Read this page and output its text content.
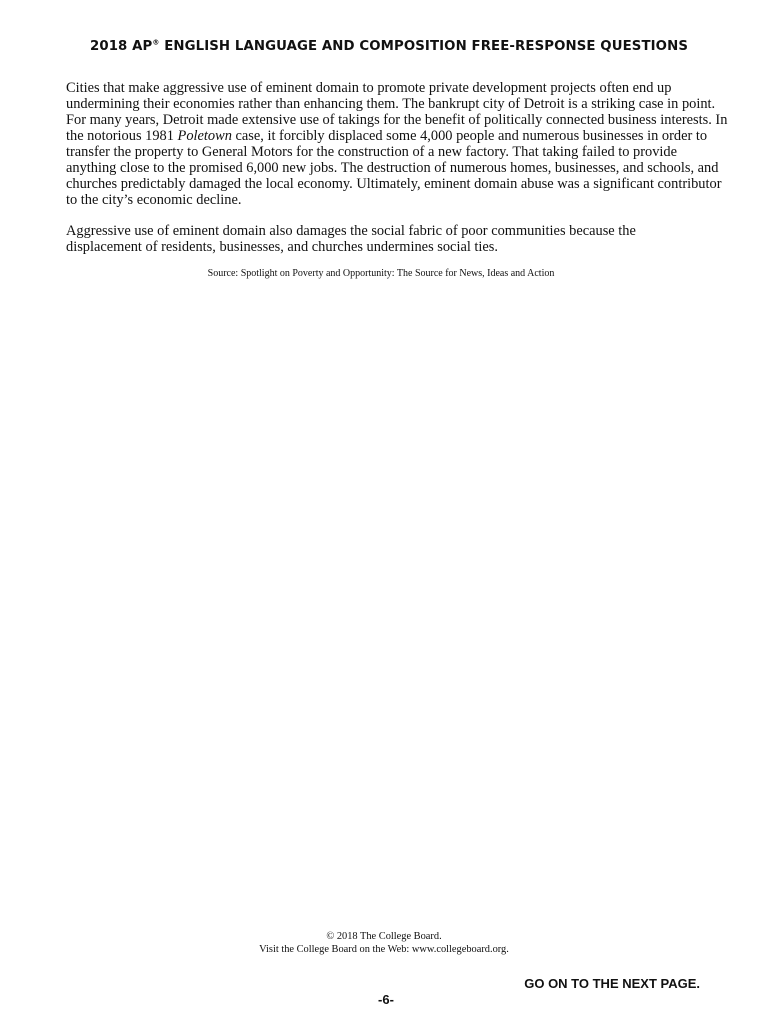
2018 AP® ENGLISH LANGUAGE AND COMPOSITION FREE-RESPONSE QUESTIONS
Cities that make aggressive use of eminent domain to promote private development projects often end up
undermining their economies rather than enhancing them. The bankrupt city of Detroit is a striking case in point.
For many years, Detroit made extensive use of takings for the benefit of politically connected business interests. In
the notorious 1981 Poletown case, it forcibly displaced some 4,000 people and numerous businesses in order to
transfer the property to General Motors for the construction of a new factory. That taking failed to provide
anything close to the promised 6,000 new jobs. The destruction of numerous homes, businesses, and schools, and
churches predictably damaged the local economy. Ultimately, eminent domain abuse was a significant contributor
to the city’s economic decline.
Aggressive use of eminent domain also damages the social fabric of poor communities because the
displacement of residents, businesses, and churches undermines social ties.
Source: Spotlight on Poverty and Opportunity: The Source for News, Ideas and Action
© 2018 The College Board.
Visit the College Board on the Web: www.collegeboard.org.
GO ON TO THE NEXT PAGE.
-6-
